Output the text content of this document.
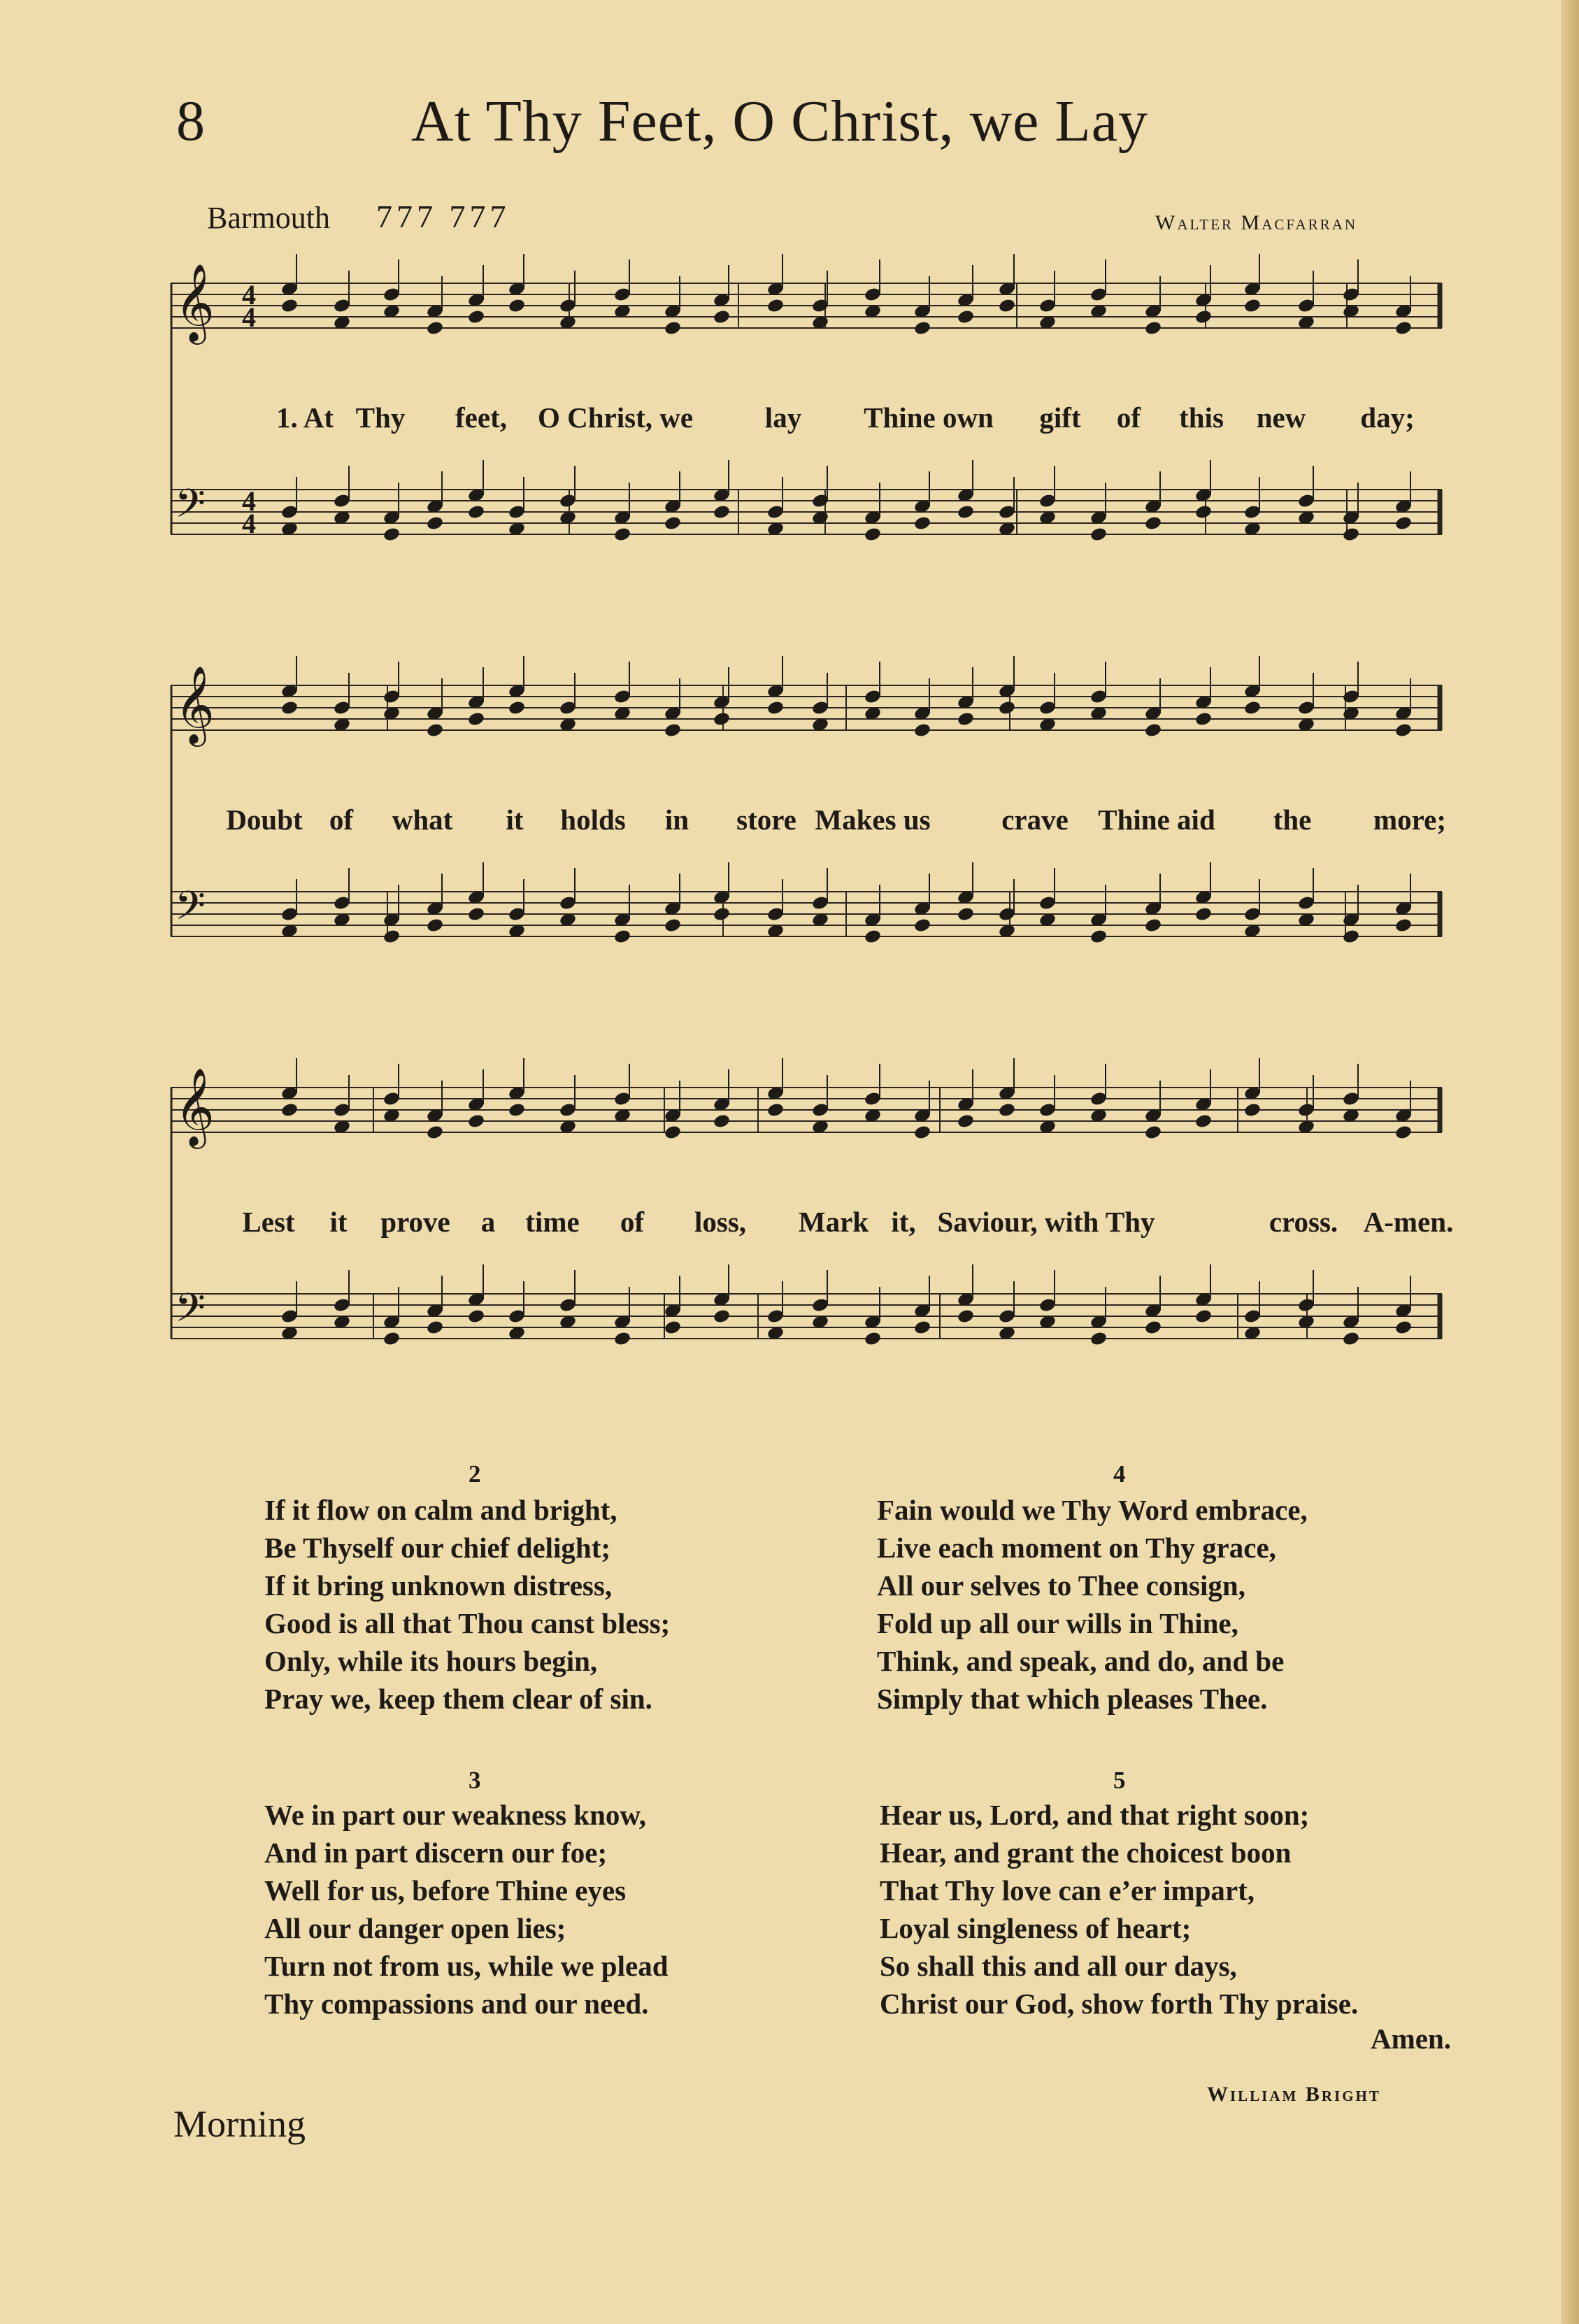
8	At Thy Feet, O Christ, we Lay
Barmouth 777 777	Walter Macfarran
𝄞 4
4
𝄢 4
4
1. At Thy feet, O Christ, we	lay Thine own gift of this new day;
𝄞
𝄢
Doubt of what it holds in store Makes us crave Thine aid the more;
𝄞
𝄢
Lest it prove a time of loss, Mark it, Saviour, with Thy	cross. A-men.
2
If it flow on calm and bright,
Be Thyself our chief delight;
If it bring unknown distress,
Good is all that Thou canst bless;
Only, while its hours begin,
Pray we, keep them clear of sin.
4
Fain would we Thy Word embrace,
Live each moment on Thy grace,
All our selves to Thee consign,
Fold up all our wills in Thine,
Think, and speak, and do, and be
Simply that which pleases Thee.
3
We in part our weakness know,
And in part discern our foe;
Well for us, before Thine eyes
All our danger open lies;
Turn not from us, while we plead
Thy compassions and our need.
5
Hear us, Lord, and that right soon;
Hear, and grant the choicest boon
That Thy love can e’er impart,
Loyal singleness of heart;
So shall this and all our days,
Christ our God, show forth Thy praise.
Amen.
William Bright
Morning
